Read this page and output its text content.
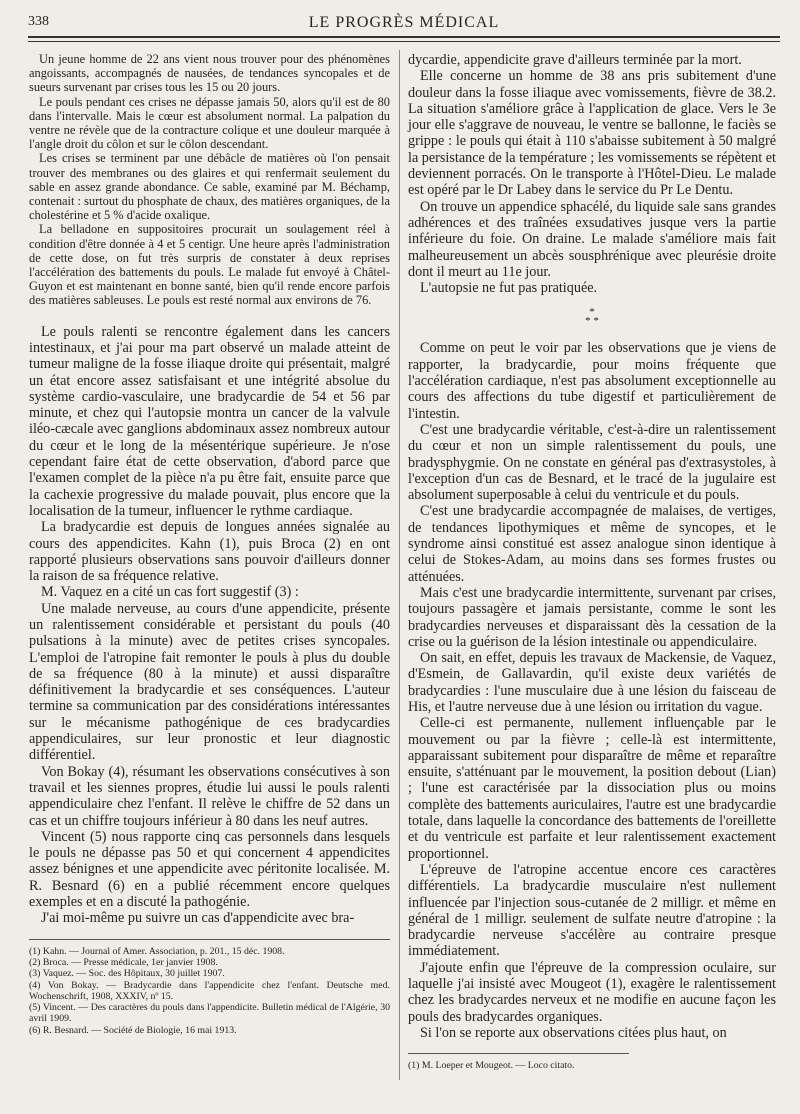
338	LE PROGRÈS MÉDICAL

Un jeune homme de 22 ans vient nous trouver pour des phénomènes angoissants, accompagnés de nausées, de tendances syncopales et de sueurs survenant par crises tous les 15 ou 20 jours.

Le pouls pendant ces crises ne dépasse jamais 50, alors qu'il est de 80 dans l'intervalle. Mais le cœur est absolument normal. La palpation du ventre ne révèle que de la contracture colique et une douleur marquée à l'angle droit du côlon et sur le côlon descendant.

Les crises se terminent par une débâcle de matières où l'on pensait trouver des membranes ou des glaires et qui renfermait seulement du sable en assez grande abondance. Ce sable, examiné par M. Béchamp, contenait : surtout du phosphate de chaux, des matières organiques, de la cholestérine et 5 % d'acide oxalique.

La belladone en suppositoires procurait un soulagement réel à condition d'être donnée à 4 et 5 centigr. Une heure après l'administration de cette dose, on fut très surpris de constater à deux reprises l'accélération des battements du pouls. Le malade fut envoyé à Châtel-Guyon et est maintenant en bonne santé, bien qu'il rende encore parfois des matières sableuses. Le pouls est resté normal aux environs de 76.

Le pouls ralenti se rencontre également dans les cancers intestinaux, et j'ai pour ma part observé un malade atteint de tumeur maligne de la fosse iliaque droite qui présentait, malgré un état encore assez satisfaisant et une intégrité absolue du système cardio-vasculaire, une bradycardie de 54 et 56 par minute, et chez qui l'autopsie montra un cancer de la valvule iléo-cæcale avec ganglions abdominaux assez nombreux autour du cœur et le long de la mésentérique supérieure. Je n'ose cependant faire état de cette observation, d'abord parce que l'examen complet de la pièce n'a pu être fait, ensuite parce que la cachexie progressive du malade pouvait, plus encore que la localisation de la tumeur, influencer le rythme cardiaque.

La bradycardie est depuis de longues années signalée au cours des appendicites. Kahn (1), puis Broca (2) en ont rapporté plusieurs observations sans pouvoir d'ailleurs donner la raison de sa fréquence relative.

M. Vaquez en a cité un cas fort suggestif (3) :

Une malade nerveuse, au cours d'une appendicite, présente un ralentissement considérable et persistant du pouls (40 pulsations à la minute) avec de petites crises syncopales. L'emploi de l'atropine fait remonter le pouls à plus du double de sa fréquence (80 à la minute) et aussi disparaître définitivement la bradycardie et ses conséquences. L'auteur termine sa communication par des considérations intéressantes sur le mécanisme pathogénique de ces bradycardies appendiculaires, sur leur pronostic et leur diagnostic différentiel.

Von Bokay (4), résumant les observations consécutives à son travail et les siennes propres, étudie lui aussi le pouls ralenti appendiculaire chez l'enfant. Il relève le chiffre de 52 dans un cas et un chiffre toujours inférieur à 80 dans les neuf autres.

Vincent (5) nous rapporte cinq cas personnels dans lesquels le pouls ne dépasse pas 50 et qui concernent 4 appendicites assez bénignes et une appendicite avec péritonite localisée. M. R. Besnard (6) en a publié récemment encore quelques exemples et en a discuté la pathogénie.

J'ai moi-même pu suivre un cas d'appendicite avec bra-

(1) Kahn. — Journal of Amer. Association, p. 201., 15 déc. 1908.

(2) Broca. — Presse médicale, 1er janvier 1908.

(3) Vaquez. — Soc. des Hôpitaux, 30 juillet 1907.

(4) Von Bokay. — Bradycardie dans l'appendicite chez l'enfant. Deutsche med. Wochenschrift, 1908, XXXIV, nº 15.

(5) Vincent. — Des caractères du pouls dans l'appendicite. Bulletin médical de l'Algérie, 30 avril 1909.

(6) R. Besnard. — Société de Biologie, 16 mai 1913.

dycardie, appendicite grave d'ailleurs terminée par la mort.

Elle concerne un homme de 38 ans pris subitement d'une douleur dans la fosse iliaque avec vomissements, fièvre de 38.2. La situation s'améliore grâce à l'application de glace. Vers le 3e jour elle s'aggrave de nouveau, le ventre se ballonne, le faciès se grippe : le pouls qui était à 110 s'abaisse subitement à 50 malgré la persistance de la température ; les vomissements se répètent et deviennent porracés. On le transporte à l'Hôtel-Dieu. Le malade est opéré par le Dr Labey dans le service du Pr Le Dentu.

On trouve un appendice sphacélé, du liquide sale sans grandes adhérences et des traînées exsudatives jusque vers la partie inférieure du foie. On draine. Le malade s'améliore mais fait malheureusement un abcès sousphrénique avec pleurésie droite dont il meurt au 11e jour.

L'autopsie ne fut pas pratiquée.

*
* *

Comme on peut le voir par les observations que je viens de rapporter, la bradycardie, pour moins fréquente que l'accélération cardiaque, n'est pas absolument exceptionnelle au cours des affections du tube digestif et particulièrement de l'intestin.

C'est une bradycardie véritable, c'est-à-dire un ralentissement du cœur et non un simple ralentissement du pouls, une bradysphygmie. On ne constate en général pas d'extrasystoles, à l'exception d'un cas de Besnard, et le tracé de la jugulaire est absolument superposable à celui du ventricule et du pouls.

C'est une bradycardie accompagnée de malaises, de vertiges, de tendances lipothymiques et même de syncopes, et le syndrome ainsi constitué est assez analogue sinon identique à celui de Stokes-Adam, au moins dans ses formes frustes ou atténuées.

Mais c'est une bradycardie intermittente, survenant par crises, toujours passagère et jamais persistante, comme le sont les bradycardies nerveuses et disparaissant dès la cessation de la crise ou la guérison de la lésion intestinale ou appendiculaire.

On sait, en effet, depuis les travaux de Mackensie, de Vaquez, d'Esmein, de Gallavardin, qu'il existe deux variétés de bradycardies : l'une musculaire due à une lésion du faisceau de His, et l'autre nerveuse due à une lésion ou irritation du vague.

Celle-ci est permanente, nullement influençable par le mouvement ou par la fièvre ; celle-là est intermittente, apparaissant subitement pour disparaître de même et reparaître ensuite, s'atténuant par le mouvement, la position debout (Lian) ; l'une est caractérisée par la dissociation plus ou moins complète des battements auriculaires, l'autre est une bradycardie totale, dans laquelle la concordance des battements de l'oreillette et du ventricule est parfaite et leur ralentissement exactement proportionnel.

L'épreuve de l'atropine accentue encore ces caractères différentiels. La bradycardie musculaire n'est nullement influencée par l'injection sous-cutanée de 2 milligr. et même en général de 1 milligr. seulement de sulfate neutre d'atropine : la bradycardie nerveuse s'accélère au contraire presque immédiatement.

J'ajoute enfin que l'épreuve de la compression oculaire, sur laquelle j'ai insisté avec Mougeot (1), exagère le ralentissement chez les bradycardes nerveux et ne modifie en aucune façon les pouls des bradycardes organiques.

Si l'on se reporte aux observations citées plus haut, on

(1) M. Loeper et Mougeot. — Loco citato.
